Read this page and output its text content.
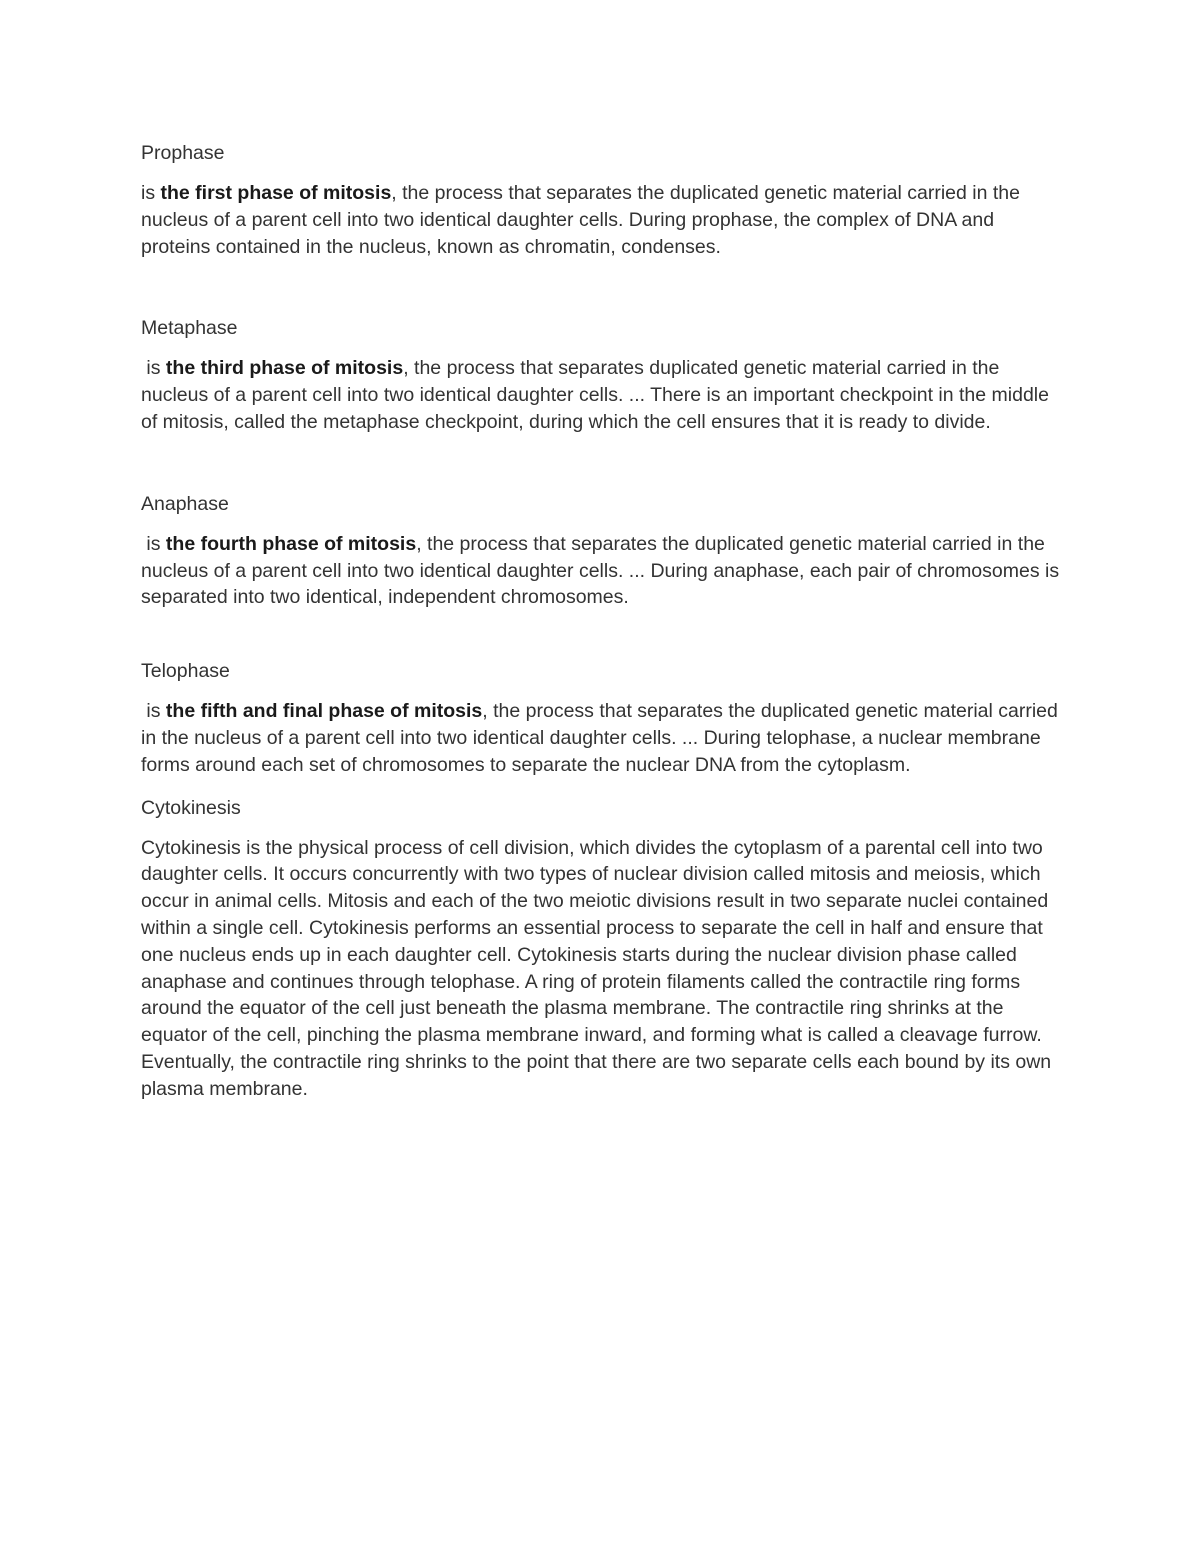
Prophase

is the first phase of mitosis, the process that separates the duplicated genetic material carried in the nucleus of a parent cell into two identical daughter cells. During prophase, the complex of DNA and proteins contained in the nucleus, known as chromatin, condenses.

Metaphase

is the third phase of mitosis, the process that separates duplicated genetic material carried in the nucleus of a parent cell into two identical daughter cells. ... There is an important checkpoint in the middle of mitosis, called the metaphase checkpoint, during which the cell ensures that it is ready to divide.

Anaphase

is the fourth phase of mitosis, the process that separates the duplicated genetic material carried in the nucleus of a parent cell into two identical daughter cells. ... During anaphase, each pair of chromosomes is separated into two identical, independent chromosomes.

Telophase

is the fifth and final phase of mitosis, the process that separates the duplicated genetic material carried in the nucleus of a parent cell into two identical daughter cells. ... During telophase, a nuclear membrane forms around each set of chromosomes to separate the nuclear DNA from the cytoplasm.

Cytokinesis

Cytokinesis is the physical process of cell division, which divides the cytoplasm of a parental cell into two daughter cells. It occurs concurrently with two types of nuclear division called mitosis and meiosis, which occur in animal cells. Mitosis and each of the two meiotic divisions result in two separate nuclei contained within a single cell. Cytokinesis performs an essential process to separate the cell in half and ensure that one nucleus ends up in each daughter cell. Cytokinesis starts during the nuclear division phase called anaphase and continues through telophase. A ring of protein filaments called the contractile ring forms around the equator of the cell just beneath the plasma membrane. The contractile ring shrinks at the equator of the cell, pinching the plasma membrane inward, and forming what is called a cleavage furrow. Eventually, the contractile ring shrinks to the point that there are two separate cells each bound by its own plasma membrane.
